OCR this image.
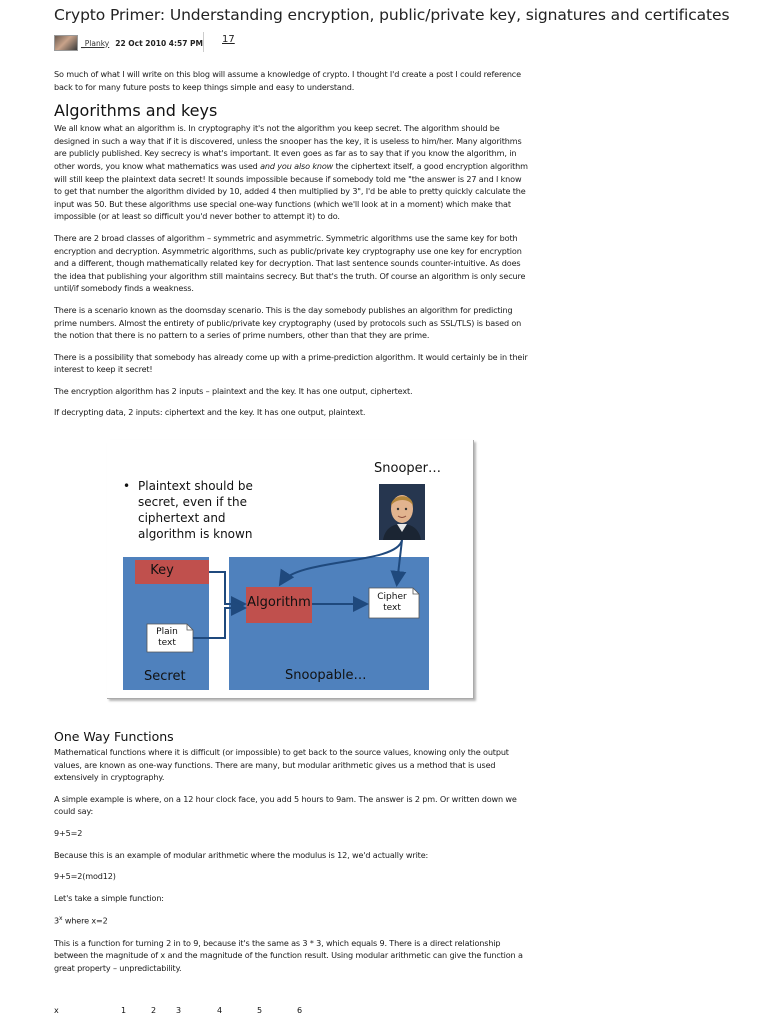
Crypto Primer: Understanding encryption, public/private key, signatures and certificates
_Planky 22 Oct 2010 4:57 PM 17

So much of what I will write on this blog will assume a knowledge of crypto. I thought I'd create a post I could reference back to for many future posts to keep things simple and easy to understand.

Algorithms and keys

We all know what an algorithm is. In cryptography it's not the algorithm you keep secret. The algorithm should be designed in such a way that if it is discovered, unless the snooper has the key, it is useless to him/her. Many algorithms are publicly published. Key secrecy is what's important. It even goes as far as to say that if you know the algorithm, in other words, you know what mathematics was used and you also know the ciphertext itself, a good encryption algorithm will still keep the plaintext data secret! It sounds impossible because if somebody told me "the answer is 27 and I know to get that number the algorithm divided by 10, added 4 then multiplied by 3", I'd be able to pretty quickly calculate the input was 50. But these algorithms use special one-way functions (which we'll look at in a moment) which make that impossible (or at least so difficult you'd never bother to attempt it) to do.

There are 2 broad classes of algorithm – symmetric and asymmetric. Symmetric algorithms use the same key for both encryption and decryption. Asymmetric algorithms, such as public/private key cryptography use one key for encryption and a different, though mathematically related key for decryption. That last sentence sounds counter-intuitive. As does the idea that publishing your algorithm still maintains secrecy. But that's the truth. Of course an algorithm is only secure until/if somebody finds a weakness.

There is a scenario known as the doomsday scenario. This is the day somebody publishes an algorithm for predicting prime numbers. Almost the entirety of public/private key cryptography (used by protocols such as SSL/TLS) is based on the notion that there is no pattern to a series of prime numbers, other than that they are prime.

There is a possibility that somebody has already come up with a prime-prediction algorithm. It would certainly be in their interest to keep it secret!

The encryption algorithm has 2 inputs – plaintext and the key. It has one output, ciphertext.

If decrypting data, 2 inputs: ciphertext and the key. It has one output, plaintext.

• Plaintext should be secret, even if the ciphertext and algorithm is known
Snooper…
Key
Algorithm
Plain
text
Cipher
text
Secret	Snoopable…
One Way Functions

Mathematical functions where it is difficult (or impossible) to get back to the source values, knowing only the output values, are known as one-way functions. There are many, but modular arithmetic gives us a method that is used extensively in cryptography.

A simple example is where, on a 12 hour clock face, you add 5 hours to 9am. The answer is 2 pm. Or written down we could say:

9+5=2

Because this is an example of modular arithmetic where the modulus is 12, we'd actually write:

9+5=2(mod12)

Let's take a simple function:

3$^x$ where x=2

This is a function for turning 2 in to 9, because it's the same as 3 * 3, which equals 9. There is a direct relationship between the magnitude of x and the magnitude of the function result. Using modular arithmetic can give the function a great property – unpredictability.

x	1	2 3	4	5	6
